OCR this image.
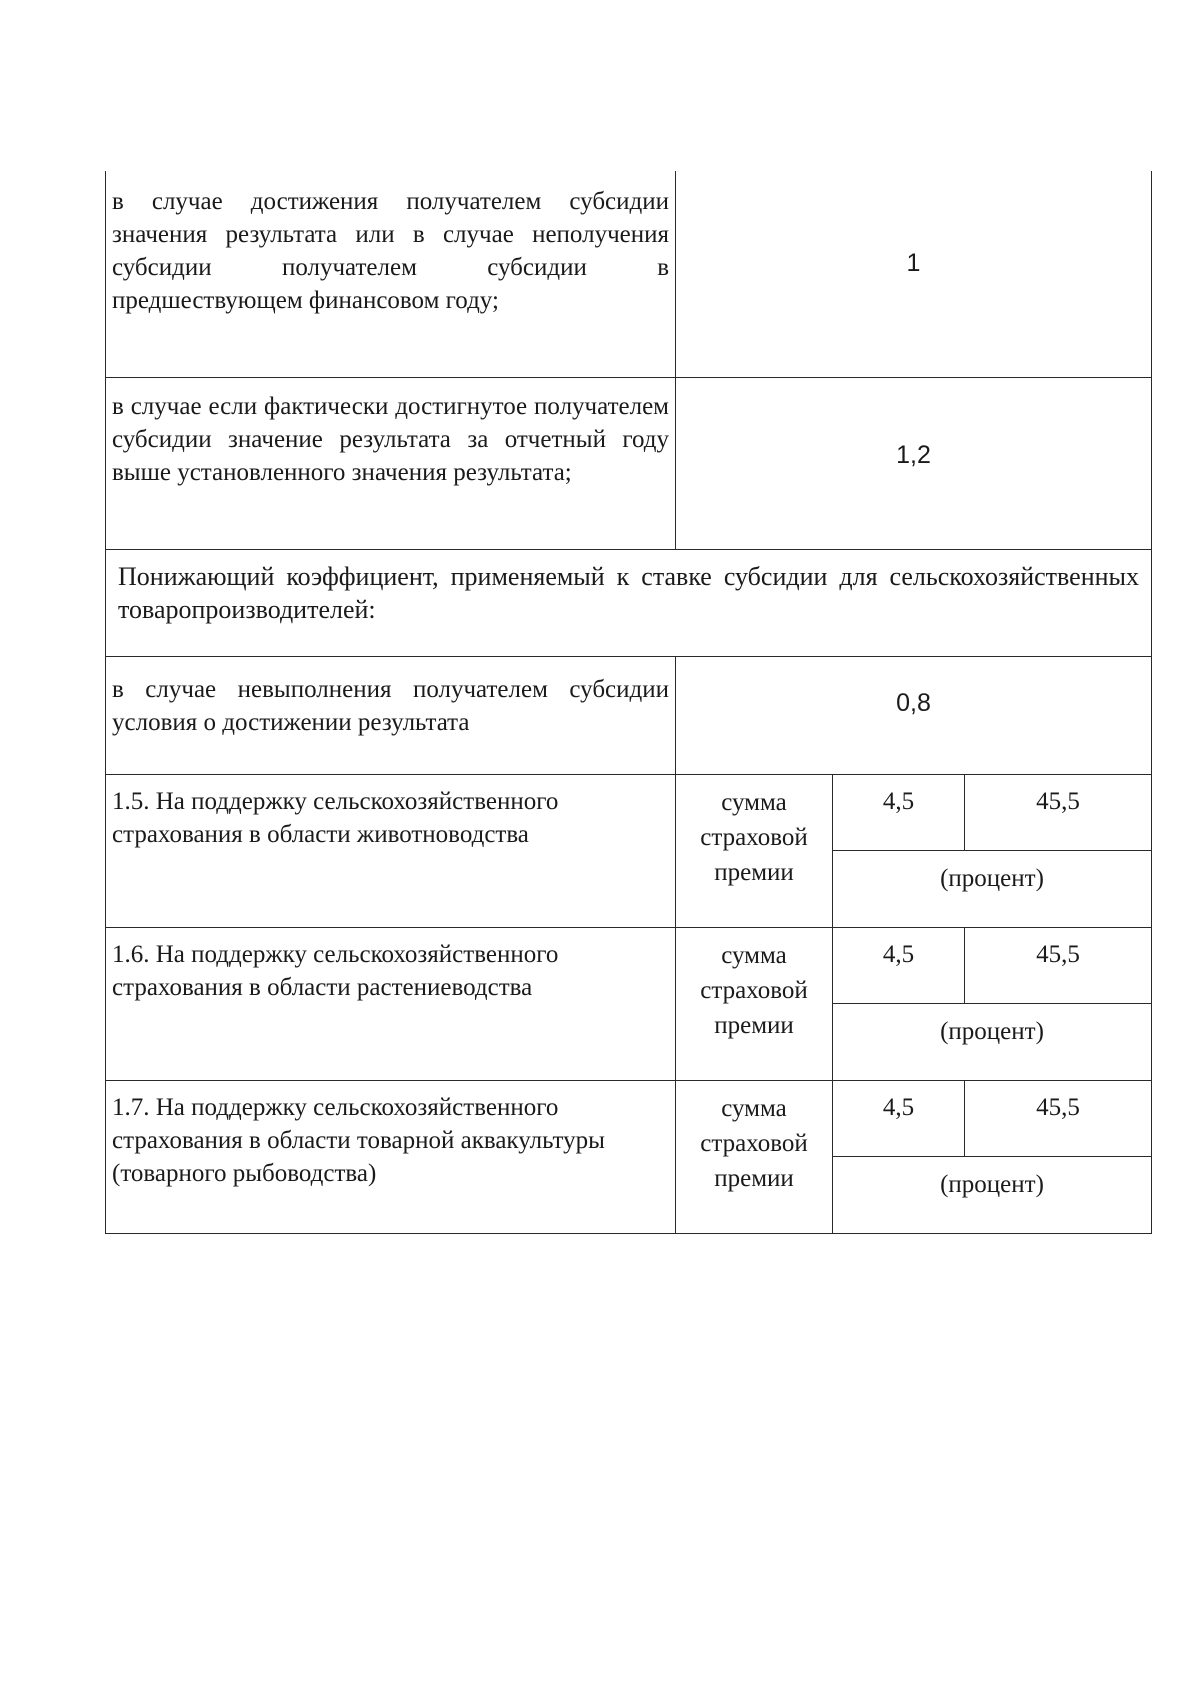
в случае достижения получателем субсидии значения результата или в случае неполучения субсидии получателем субсидии в предшествующем финансовом году;	1		

в случае если фактически достигнутое получателем субсидии значение результата за отчетный году выше установленного значения результата;	1,2		

Понижающий коэффициент, применяемый к ставке субсидии для сельскохозяйственных товаропроизводителей:			

в случае невыполнения получателем субсидии условия о достижении результата	0,8		

1.5. На поддержку сельскохозяйственного страхования в области животноводства	сумма страховой премии	4,5	45,5

		(процент)	

1.6. На поддержку сельскохозяйственного страхования в области растениеводства	сумма страховой премии	4,5	45,5

		(процент)	

1.7. На поддержку сельскохозяйственного страхования в области товарной аквакультуры (товарного рыбоводства)	сумма страховой премии	4,5	45,5

		(процент)	
